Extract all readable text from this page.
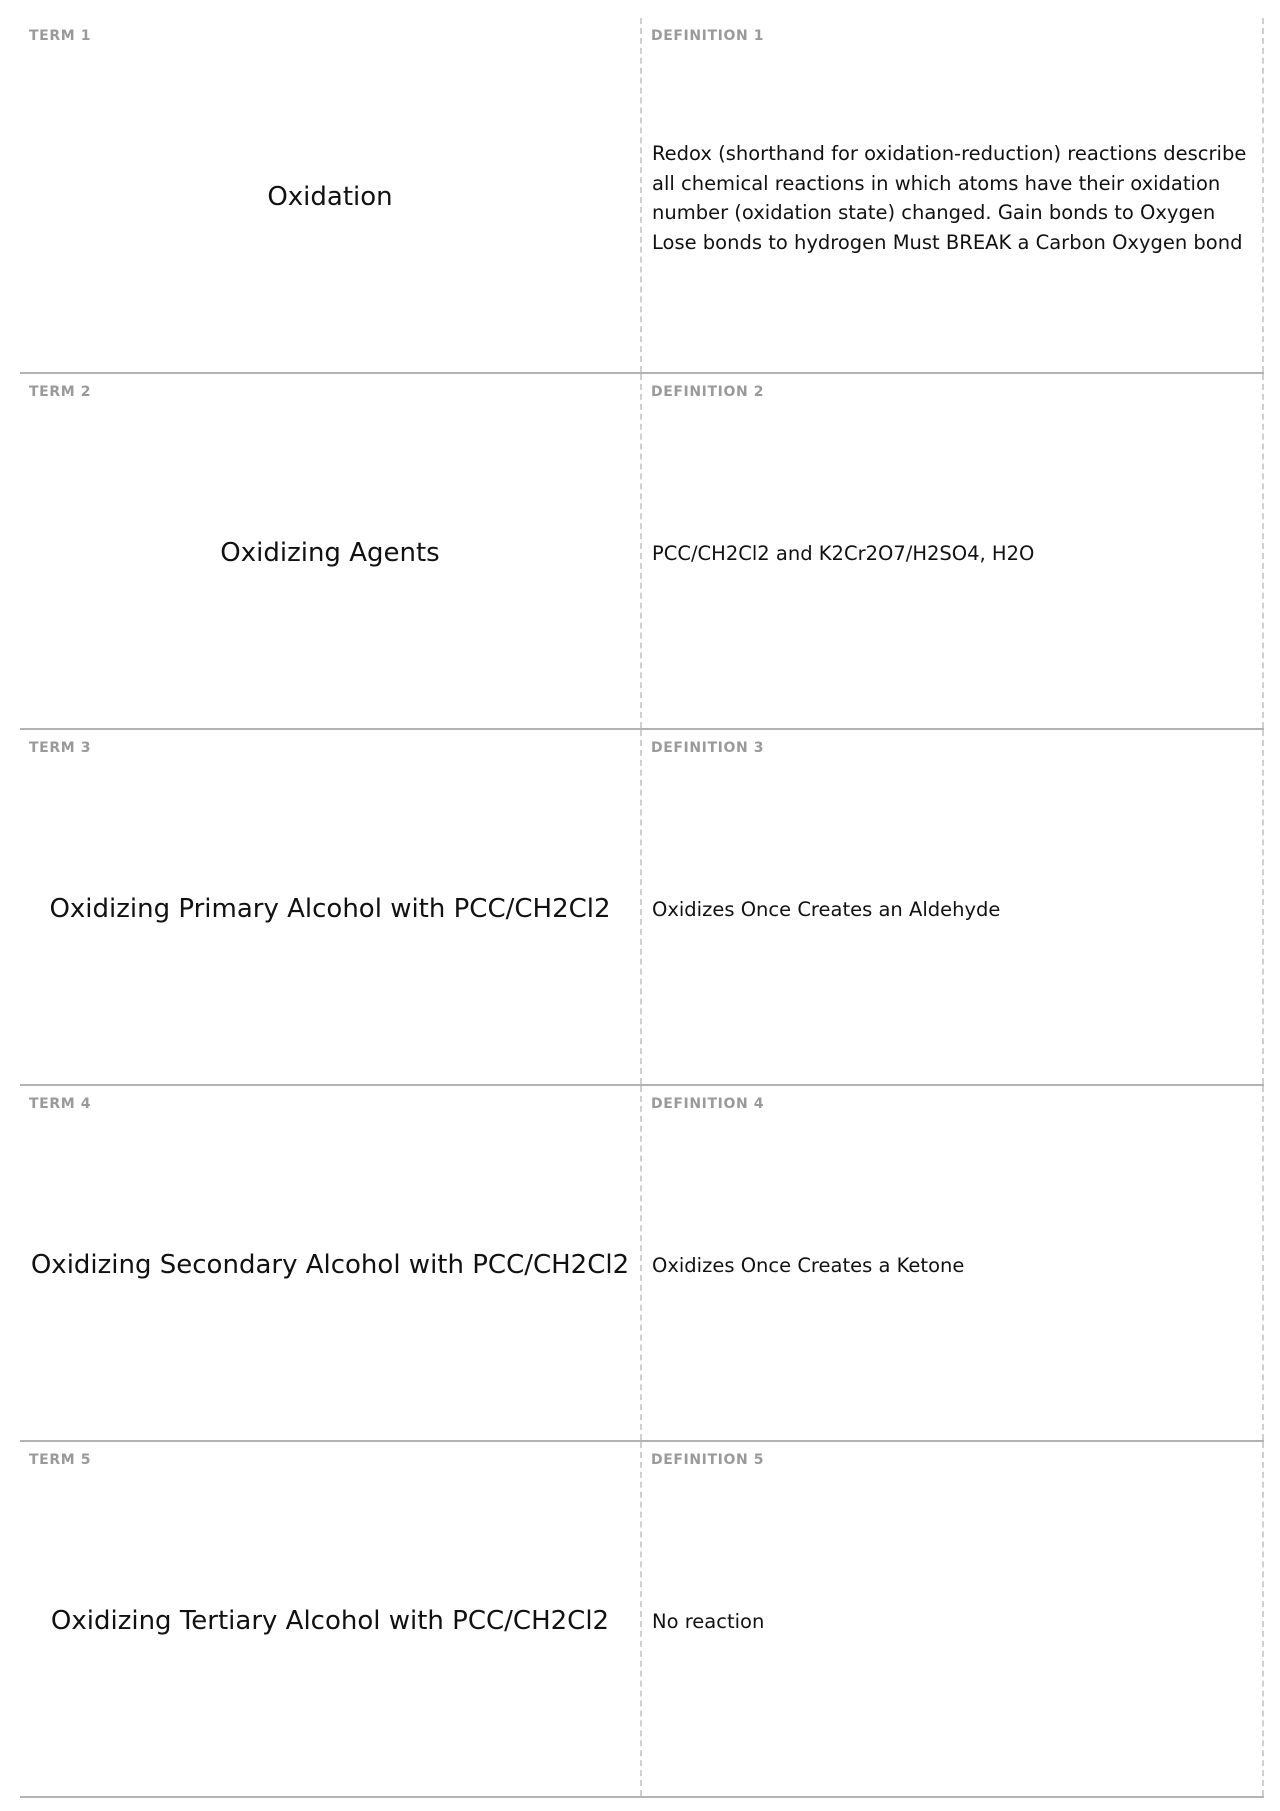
TERM 1
Oxidation
DEFINITION 1
Redox (shorthand for oxidation-reduction) reactions describe all chemical reactions in which atoms have their oxidation number (oxidation state) changed. Gain bonds to Oxygen Lose bonds to hydrogen Must BREAK a Carbon Oxygen bond
TERM 2
Oxidizing Agents
DEFINITION 2
PCC/CH2Cl2 and K2Cr2O7/H2SO4, H2O
TERM 3
Oxidizing Primary Alcohol with PCC/CH2Cl2
DEFINITION 3
Oxidizes Once Creates an Aldehyde
TERM 4
Oxidizing Secondary Alcohol with PCC/CH2Cl2
DEFINITION 4
Oxidizes Once Creates a Ketone
TERM 5
Oxidizing Tertiary Alcohol with PCC/CH2Cl2
DEFINITION 5
No reaction
